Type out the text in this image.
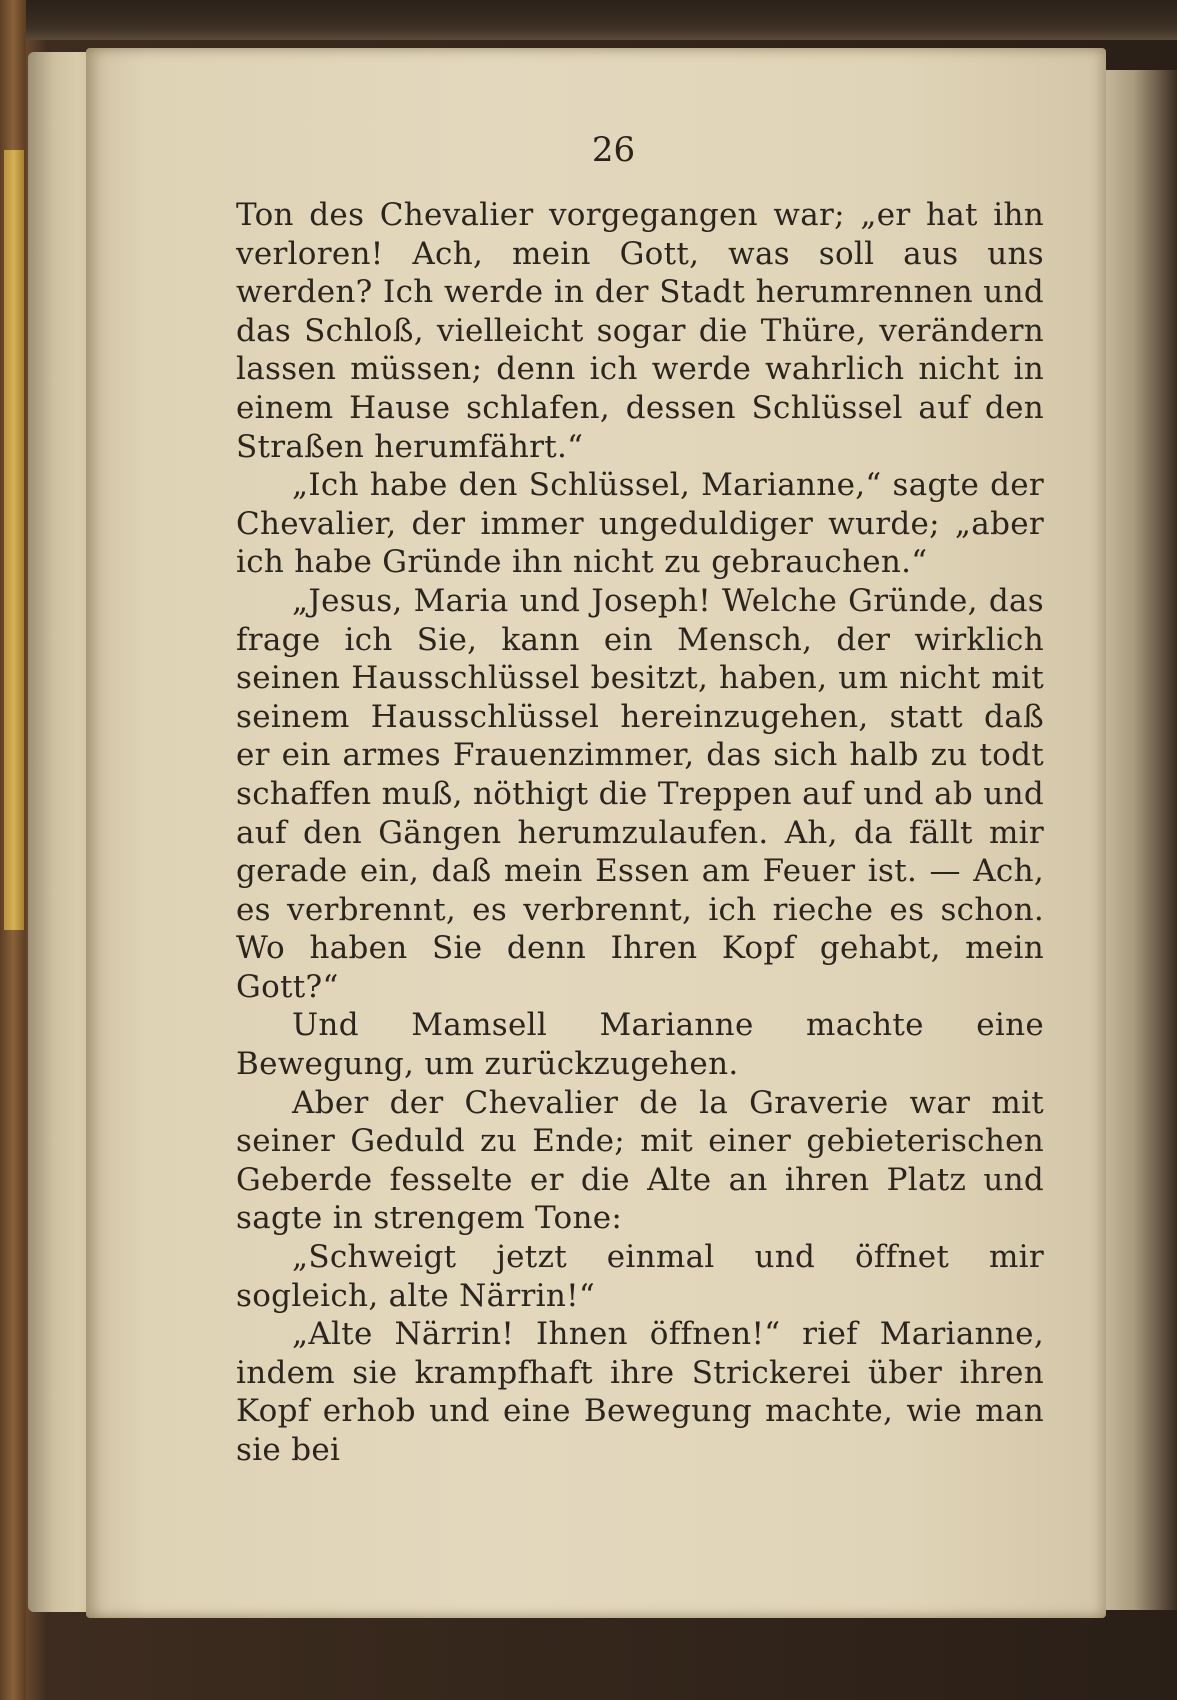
26

Ton des Chevalier vorgegangen war; „er hat ihn verloren! Ach, mein Gott, was soll aus uns werden? Ich werde in der Stadt herumrennen und das Schloß, vielleicht sogar die Thüre, verändern lassen müssen; denn ich werde wahrlich nicht in einem Hause schlafen, dessen Schlüssel auf den Straßen herumfährt.“

„Ich habe den Schlüssel, Marianne,“ sagte der Chevalier, der immer ungeduldiger wurde; „aber ich habe Gründe ihn nicht zu gebrauchen.“

„Jesus, Maria und Joseph! Welche Gründe, das frage ich Sie, kann ein Mensch, der wirklich seinen Hausschlüssel besitzt, haben, um nicht mit seinem Hausschlüssel hereinzugehen, statt daß er ein armes Frauenzimmer, das sich halb zu todt schaffen muß, nöthigt die Treppen auf und ab und auf den Gängen herumzulaufen. Ah, da fällt mir gerade ein, daß mein Essen am Feuer ist. — Ach, es verbrennt, es verbrennt, ich rieche es schon. Wo haben Sie denn Ihren Kopf gehabt, mein Gott?“

Und Mamsell Marianne machte eine Bewegung, um zurückzugehen.

Aber der Chevalier de la Graverie war mit seiner Geduld zu Ende; mit einer gebieterischen Geberde fesselte er die Alte an ihren Platz und sagte in strengem Tone:

„Schweigt jetzt einmal und öffnet mir sogleich, alte Närrin!“

„Alte Närrin! Ihnen öffnen!“ rief Marianne, indem sie krampfhaft ihre Strickerei über ihren Kopf erhob und eine Bewegung machte, wie man sie bei
